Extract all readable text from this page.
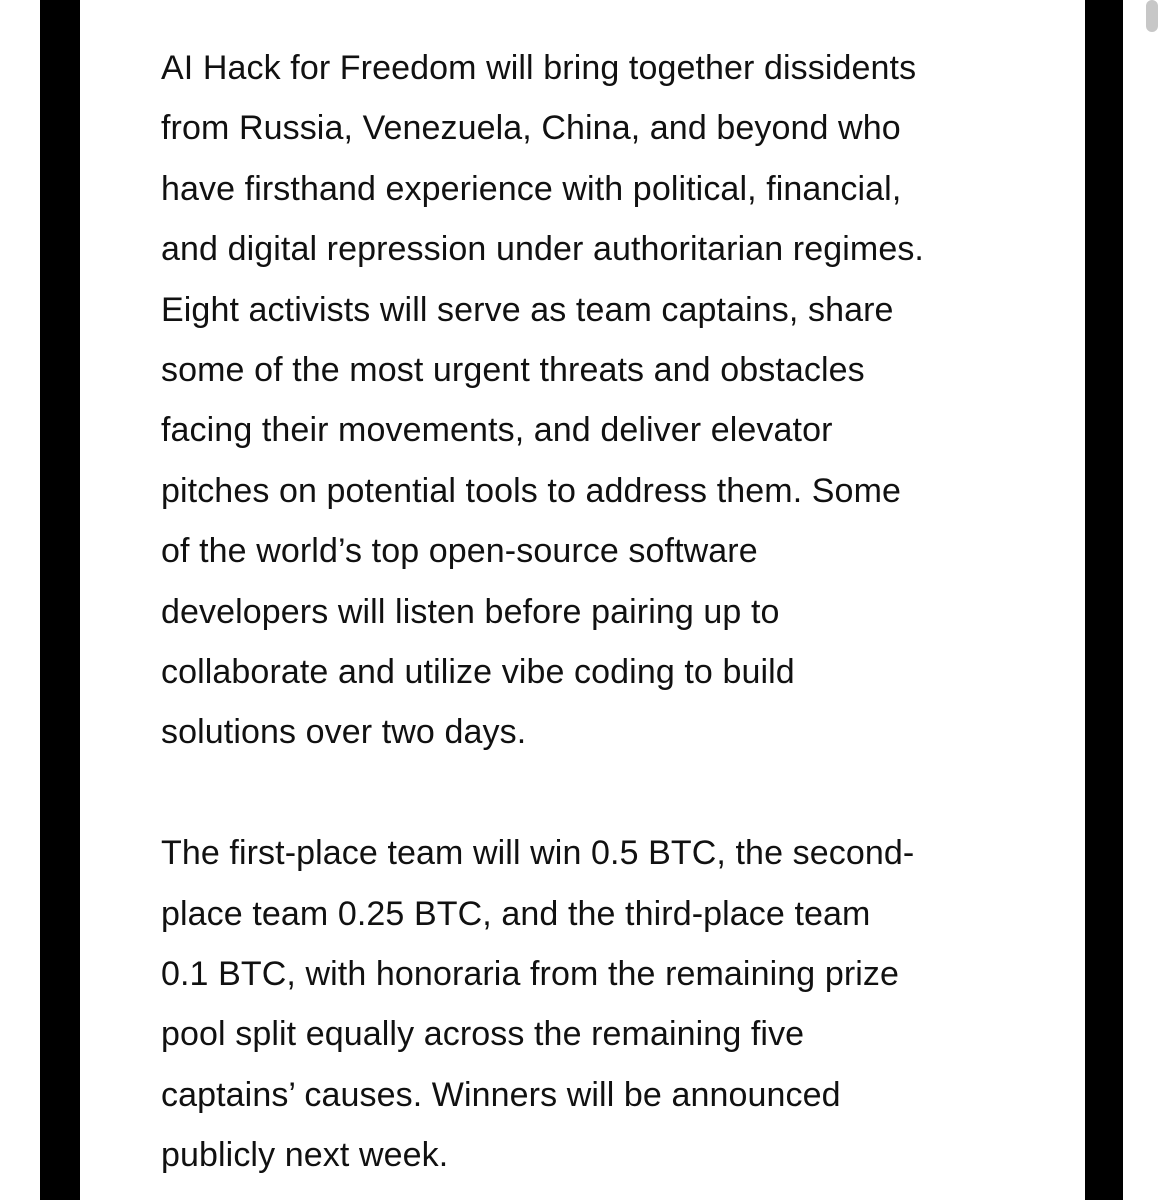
AI Hack for Freedom will bring together dissidents
from Russia, Venezuela, China, and beyond who
have firsthand experience with political, financial,
and digital repression under authoritarian regimes.
Eight activists will serve as team captains, share
some of the most urgent threats and obstacles
facing their movements, and deliver elevator
pitches on potential tools to address them. Some
of the world’s top open-source software
developers will listen before pairing up to
collaborate and utilize vibe coding to build
solutions over two days.

The first-place team will win 0.5 BTC, the second-
place team 0.25 BTC, and the third-place team
0.1 BTC, with honoraria from the remaining prize
pool split equally across the remaining five
captains’ causes. Winners will be announced
publicly next week.
